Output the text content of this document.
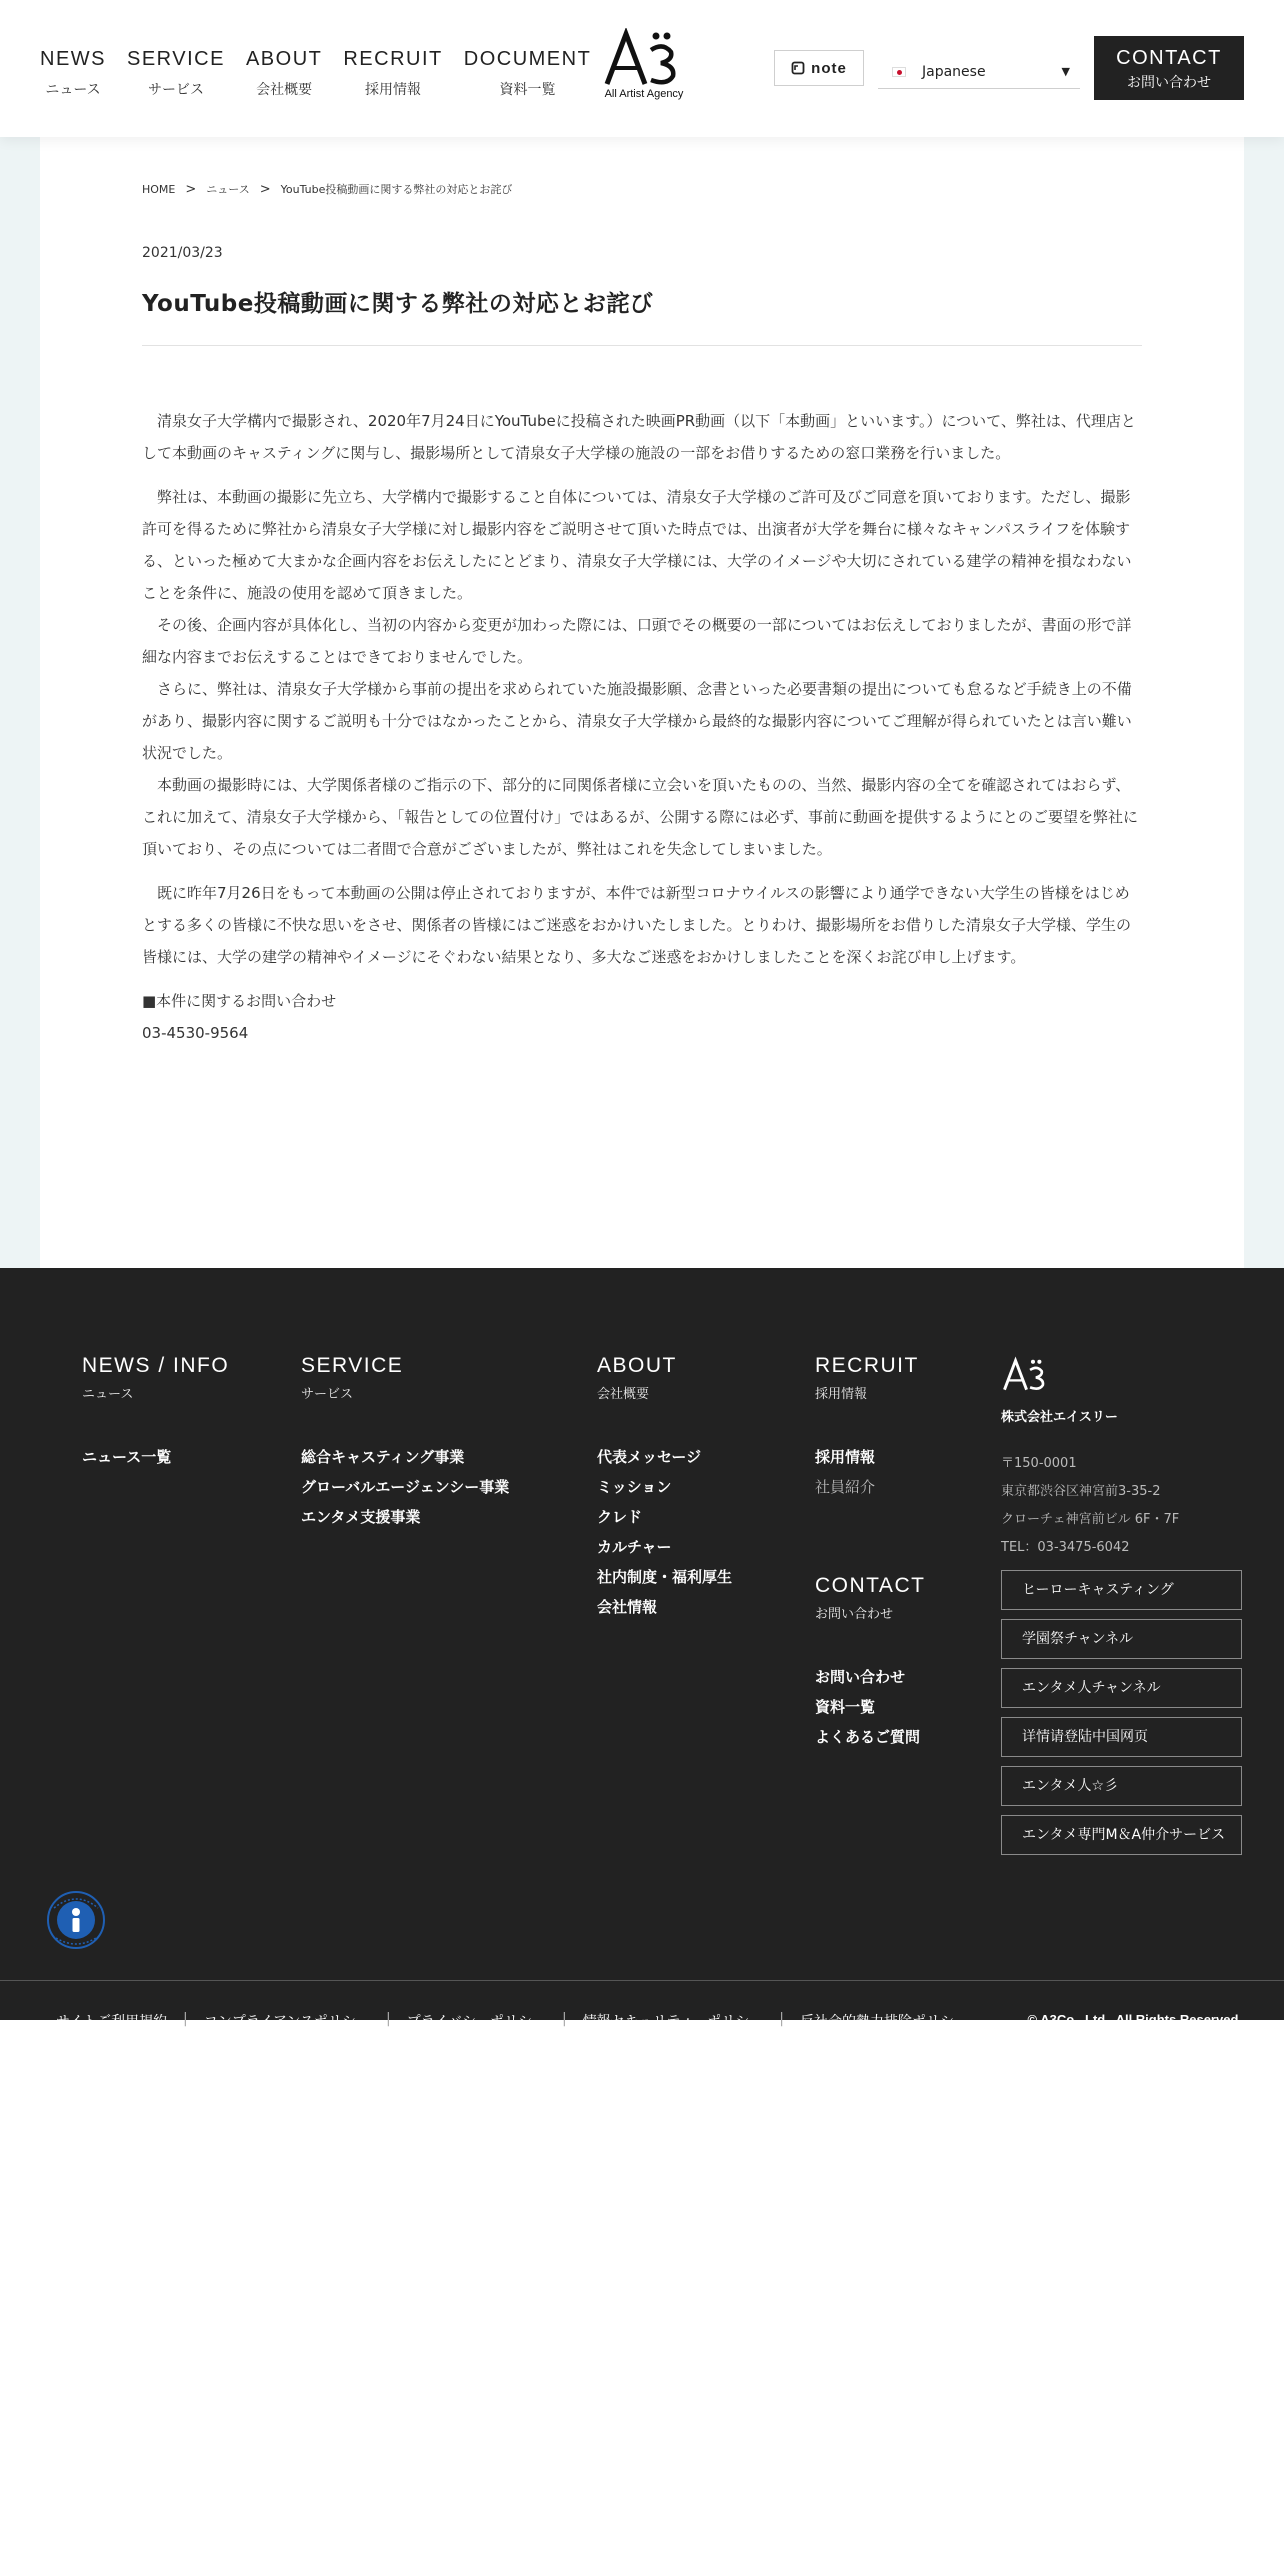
NEWS
ニュース
SERVICE
サービス
ABOUT
会社概要
RECRUIT
採用情報
DOCUMENT
資料一覧	All Artist Agency
note	Japanese	▼
CONTACT
お問い合わせ
HOME > ニュース > YouTube投稿動画に関する弊社の対応とお詫び
2021/03/23
YouTube投稿動画に関する弊社の対応とお詫び

清泉女子大学構内で撮影され、2020年7月24日にYouTubeに投稿された映画PR動画（以下「本動画」といいます。）について、弊社は、代理店として本動画のキャスティングに関与し、撮影場所として清泉女子大学様の施設の一部をお借りするための窓口業務を行いました。

弊社は、本動画の撮影に先立ち、大学構内で撮影すること自体については、清泉女子大学様のご許可及びご同意を頂いております。ただし、撮影許可を得るために弊社から清泉女子大学様に対し撮影内容をご説明させて頂いた時点では、出演者が大学を舞台に様々なキャンパスライフを体験する、といった極めて大まかな企画内容をお伝えしたにとどまり、清泉女子大学様には、大学のイメージや大切にされている建学の精神を損なわないことを条件に、施設の使用を認めて頂きました。

その後、企画内容が具体化し、当初の内容から変更が加わった際には、口頭でその概要の一部についてはお伝えしておりましたが、書面の形で詳細な内容までお伝えすることはできておりませんでした。

さらに、弊社は、清泉女子大学様から事前の提出を求められていた施設撮影願、念書といった必要書類の提出についても怠るなど手続き上の不備があり、撮影内容に関するご説明も十分ではなかったことから、清泉女子大学様から最終的な撮影内容についてご理解が得られていたとは言い難い状況でした。

本動画の撮影時には、大学関係者様のご指示の下、部分的に同関係者様に立会いを頂いたものの、当然、撮影内容の全てを確認されてはおらず、これに加えて、清泉女子大学様から、「報告としての位置付け」ではあるが、公開する際には必ず、事前に動画を提供するようにとのご要望を弊社に頂いており、その点については二者間で合意がございましたが、弊社はこれを失念してしまいました。

既に昨年7月26日をもって本動画の公開は停止されておりますが、本件では新型コロナウイルスの影響により通学できない大学生の皆様をはじめとする多くの皆様に不快な思いをさせ、関係者の皆様にはご迷惑をおかけいたしました。とりわけ、撮影場所をお借りした清泉女子大学様、学生の皆様には、大学の建学の精神やイメージにそぐわない結果となり、多大なご迷惑をおかけしましたことを深くお詫び申し上げます。

■本件に関するお問い合わせ

03-4530-9564

NEWS / INFO
ニュース
ニュース一覧
SERVICE
サービス
総合キャスティング事業
グローバルエージェンシー事業
エンタメ支援事業
ABOUT
会社概要
代表メッセージ
ミッション
クレド
カルチャー
社内制度・福利厚生
会社情報
RECRUIT
採用情報
採用情報
社員紹介
CONTACT
お問い合わせ
お問い合わせ
資料一覧
よくあるご質問
株式会社エイスリー
〒150-0001
東京都渋谷区神宮前3-35-2
クローチェ神宮前ビル 6F・7F
TEL：03-3475-6042
ヒーローキャスティング
学園祭チャンネル
エンタメ人チャンネル
详情请登陆中国网页
エンタメ人☆彡
エンタメ専門M＆A仲介サービス
サイトご利用規約 | コンプライアンスポリシー | プライバシーポリシー | 情報セキュリティーポリシー | 反社会的勢力排除ポリシー	© A3Co., Ltd., All Rights Reserved.
